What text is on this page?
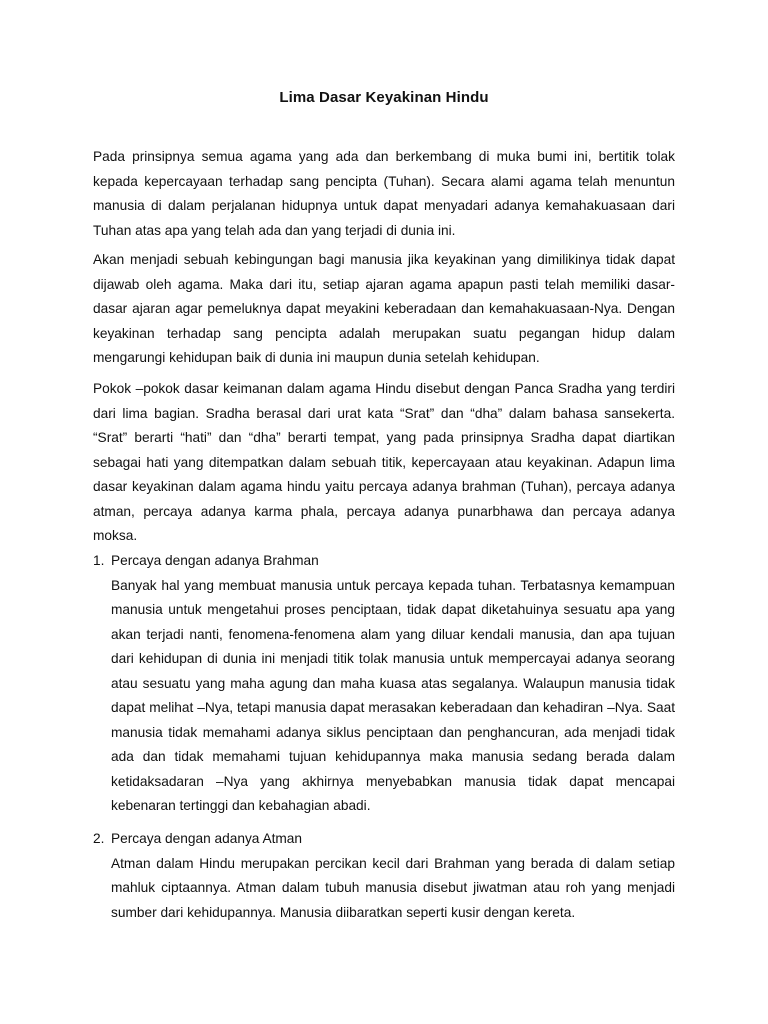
Lima Dasar Keyakinan Hindu

Pada prinsipnya semua agama yang ada dan berkembang di muka bumi ini, bertitik tolak kepada kepercayaan terhadap sang pencipta (Tuhan). Secara alami agama telah menuntun manusia di dalam perjalanan hidupnya untuk dapat menyadari adanya kemahakuasaan dari Tuhan atas apa yang telah ada dan yang terjadi di dunia ini.

Akan menjadi sebuah kebingungan bagi manusia jika keyakinan yang dimilikinya tidak dapat dijawab oleh agama. Maka dari itu, setiap ajaran agama apapun pasti telah memiliki dasar-dasar ajaran agar pemeluknya dapat meyakini keberadaan dan kemahakuasaan-Nya. Dengan keyakinan terhadap sang pencipta adalah merupakan suatu pegangan hidup dalam mengarungi kehidupan baik di dunia ini maupun dunia setelah kehidupan.

Pokok –pokok dasar keimanan dalam agama Hindu disebut dengan Panca Sradha yang terdiri dari lima bagian. Sradha berasal dari urat kata “Srat” dan “dha” dalam bahasa sansekerta. “Srat” berarti “hati” dan “dha” berarti tempat, yang pada prinsipnya Sradha dapat diartikan sebagai hati yang ditempatkan dalam sebuah titik, kepercayaan atau keyakinan. Adapun lima dasar keyakinan dalam agama hindu yaitu percaya adanya brahman (Tuhan), percaya adanya atman, percaya adanya karma phala, percaya adanya punarbhawa dan percaya adanya moksa.

1. Percaya dengan adanya Brahman

Banyak hal yang membuat manusia untuk percaya kepada tuhan. Terbatasnya kemampuan manusia untuk mengetahui proses penciptaan, tidak dapat diketahuinya sesuatu apa yang akan terjadi nanti, fenomena-fenomena alam yang diluar kendali manusia, dan apa tujuan dari kehidupan di dunia ini menjadi titik tolak manusia untuk mempercayai adanya seorang atau sesuatu yang maha agung dan maha kuasa atas segalanya. Walaupun manusia tidak dapat melihat –Nya, tetapi manusia dapat merasakan keberadaan dan kehadiran –Nya. Saat manusia tidak memahami adanya siklus penciptaan dan penghancuran, ada menjadi tidak ada dan tidak memahami tujuan kehidupannya maka manusia sedang berada dalam ketidaksadaran –Nya yang akhirnya menyebabkan manusia tidak dapat mencapai kebenaran tertinggi dan kebahagian abadi.

2. Percaya dengan adanya Atman

Atman dalam Hindu merupakan percikan kecil dari Brahman yang berada di dalam setiap mahluk ciptaannya. Atman dalam tubuh manusia disebut jiwatman atau roh yang menjadi sumber dari kehidupannya. Manusia diibaratkan seperti kusir dengan kereta.
